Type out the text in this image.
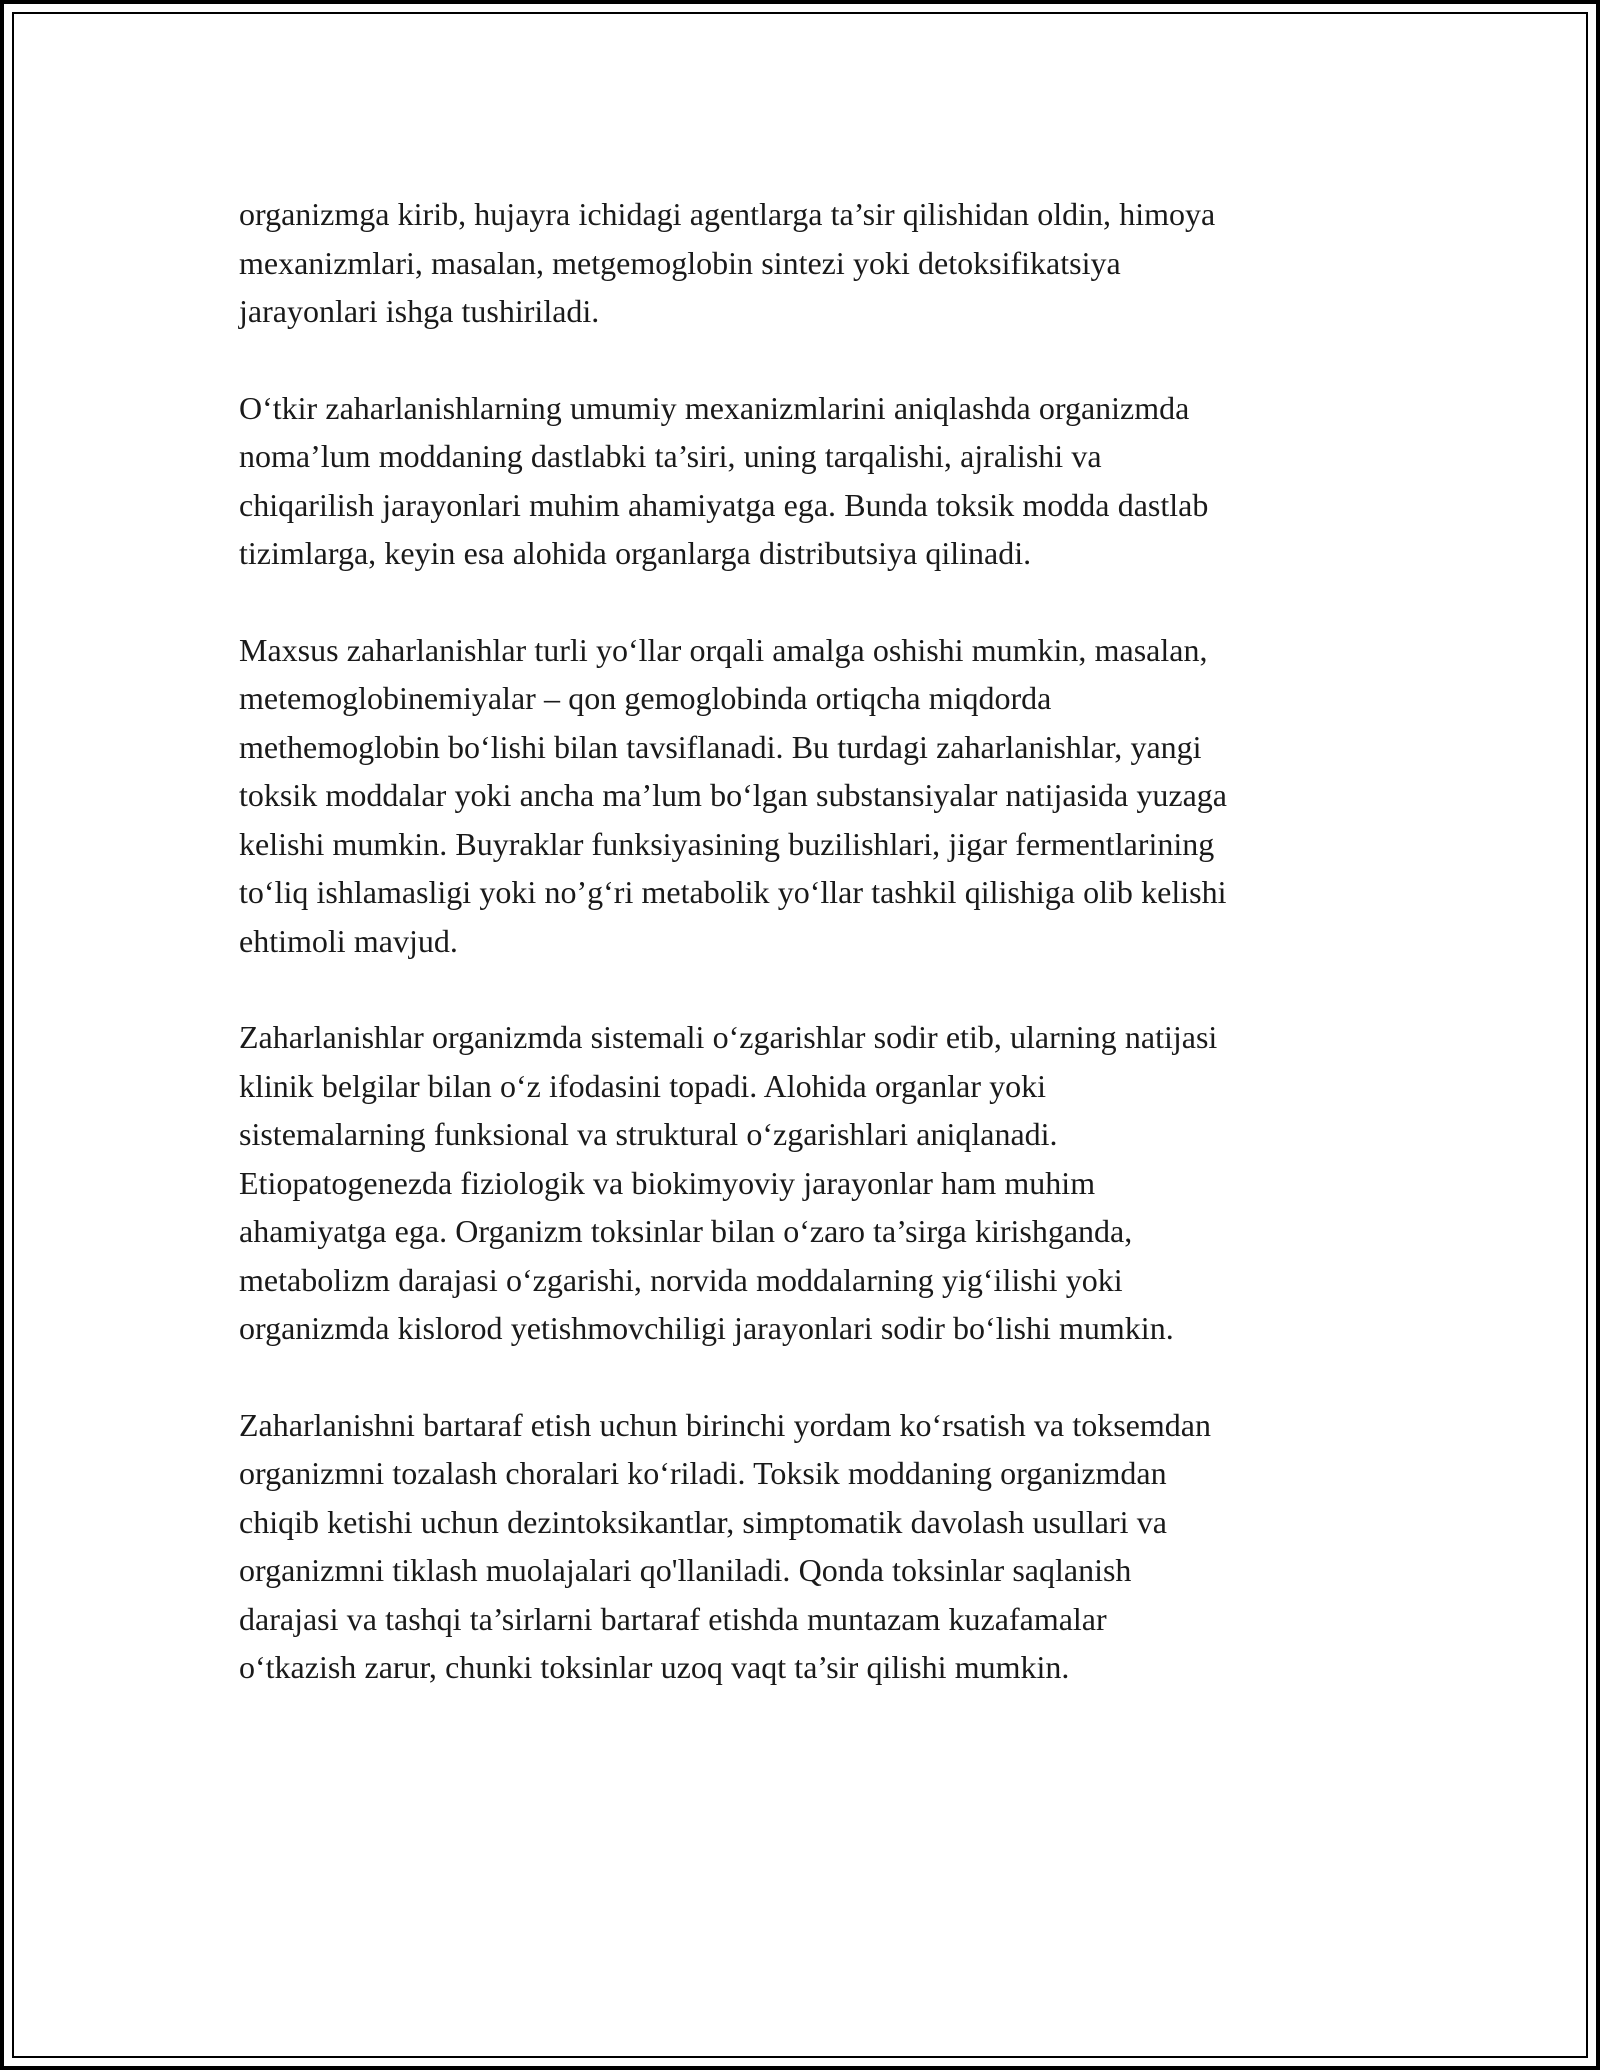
organizmga kirib, hujayra ichidagi agentlarga ta’sir qilishidan oldin, himoya
mexanizmlari, masalan, metgemoglobin sintezi yoki detoksifikatsiya
jarayonlari ishga tushiriladi.

O‘tkir zaharlanishlarning umumiy mexanizmlarini aniqlashda organizmda
noma’lum moddaning dastlabki ta’siri, uning tarqalishi, ajralishi va
chiqarilish jarayonlari muhim ahamiyatga ega. Bunda toksik modda dastlab
tizimlarga, keyin esa alohida organlarga distributsiya qilinadi.

Maxsus zaharlanishlar turli yo‘llar orqali amalga oshishi mumkin, masalan,
metemoglobinemiyalar – qon gemoglobinda ortiqcha miqdorda
methemoglobin bo‘lishi bilan tavsiflanadi. Bu turdagi zaharlanishlar, yangi
toksik moddalar yoki ancha ma’lum bo‘lgan substansiyalar natijasida yuzaga
kelishi mumkin. Buyraklar funksiyasining buzilishlari, jigar fermentlarining
to‘liq ishlamasligi yoki no’g‘ri metabolik yo‘llar tashkil qilishiga olib kelishi
ehtimoli mavjud.

Zaharlanishlar organizmda sistemali o‘zgarishlar sodir etib, ularning natijasi
klinik belgilar bilan o‘z ifodasini topadi. Alohida organlar yoki
sistemalarning funksional va struktural o‘zgarishlari aniqlanadi.
Etiopatogenezda fiziologik va biokimyoviy jarayonlar ham muhim
ahamiyatga ega. Organizm toksinlar bilan o‘zaro ta’sirga kirishganda,
metabolizm darajasi o‘zgarishi, norvida moddalarning yig‘ilishi yoki
organizmda kislorod yetishmovchiligi jarayonlari sodir bo‘lishi mumkin.

Zaharlanishni bartaraf etish uchun birinchi yordam ko‘rsatish va toksemdan
organizmni tozalash choralari ko‘riladi. Toksik moddaning organizmdan
chiqib ketishi uchun dezintoksikantlar, simptomatik davolash usullari va
organizmni tiklash muolajalari qo'llaniladi. Qonda toksinlar saqlanish
darajasi va tashqi ta’sirlarni bartaraf etishda muntazam kuzafamalar
o‘tkazish zarur, chunki toksinlar uzoq vaqt ta’sir qilishi mumkin.
